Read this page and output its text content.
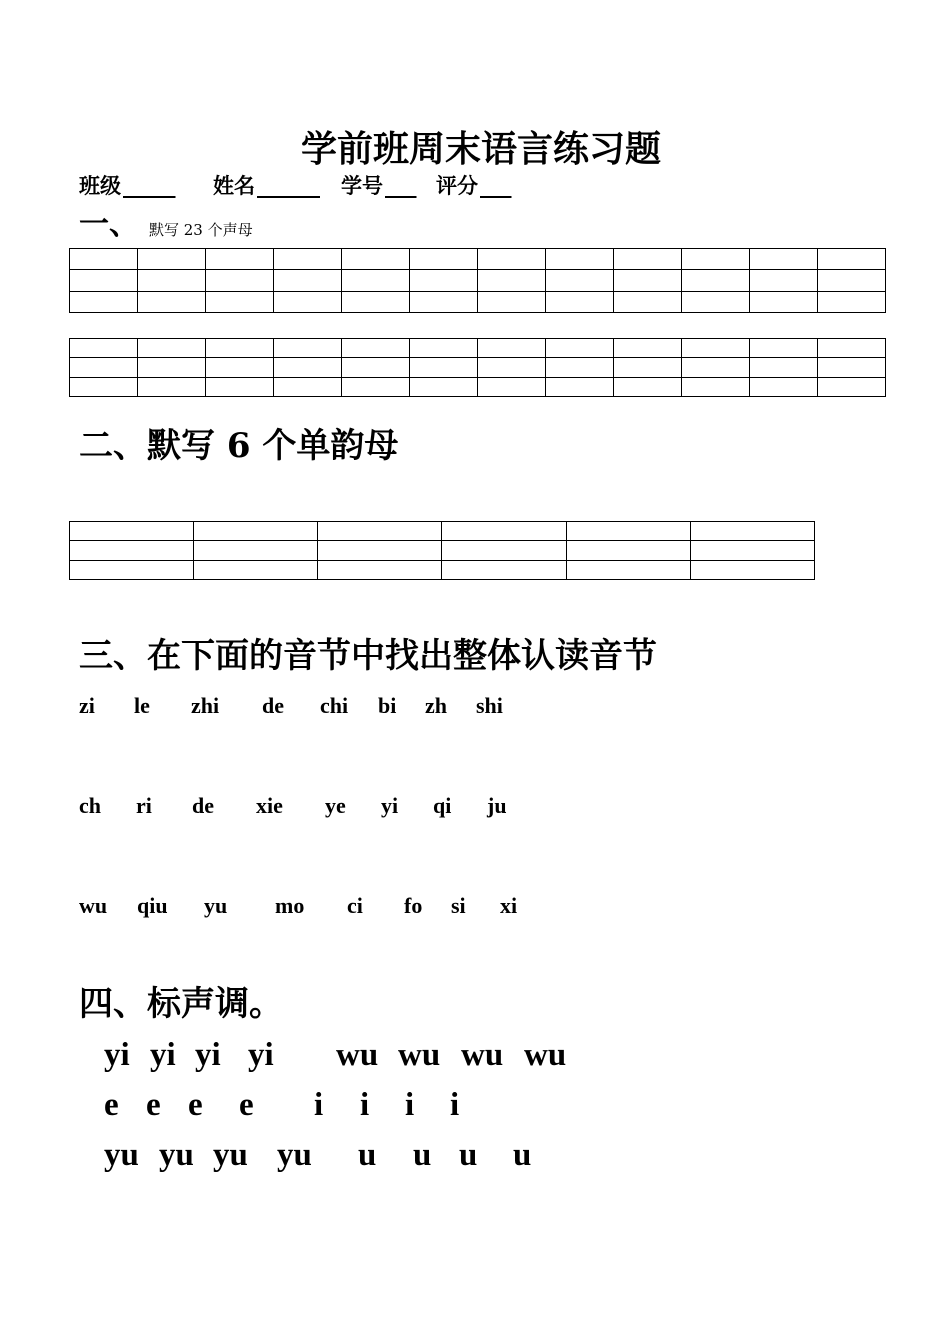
学前班周末语言练习题
班级 _____ 姓名 ______ 学号 ___ 评分 ___
一、 默写 23 个声母

二、默写 6 个单韵母

三、在下面的音节中找出整体认读音节
zi le zhi de chi bi zh shi
ch ri de xie ye yi qi ju
wu qiu yu mo ci fo si xi
四、标声调。
yi yi yi yi wu wu wu wu
e e e e i i i i
yu yu yu yu u u u u
